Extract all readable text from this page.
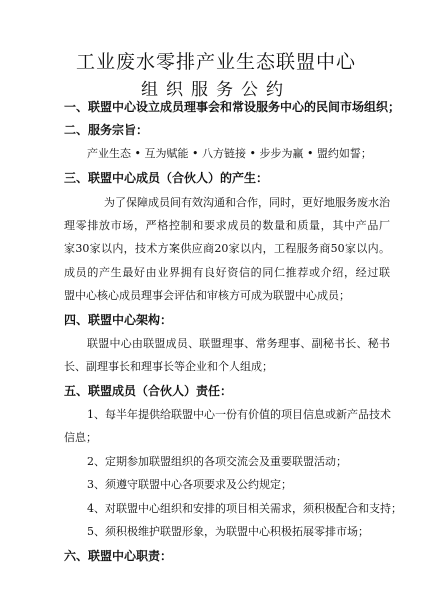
工业废水零排产业生态联盟中心
组织服务公约
一、联盟中心设立成员理事会和常设服务中心的民间市场组织；
二、服务宗旨：
产业生态 • 互为赋能 • 八方链接 • 步步为赢 • 盟约如誓；
三、联盟中心成员（合伙人）的产生：
为了保障成员间有效沟通和合作，同时，更好地服务废水治
理零排放市场，严格控制和要求成员的数量和质量，其中产品厂
家30家以内，技术方案供应商20家以内，工程服务商50家以内。
成员的产生最好由业界拥有良好资信的同仁推荐或介绍，经过联
盟中心核心成员理事会评估和审核方可成为联盟中心成员；
四、联盟中心架构：
联盟中心由联盟成员、联盟理事、常务理事、副秘书长、秘书
长、副理事长和理事长等企业和个人组成；
五、联盟成员（合伙人）责任：
1、每半年提供给联盟中心一份有价值的项目信息或新产品技术
信息；
2、定期参加联盟组织的各项交流会及重要联盟活动；
3、须遵守联盟中心各项要求及公约规定；
4、对联盟中心组织和安排的项目相关需求，须积极配合和支持；
5、须积极维护联盟形象，为联盟中心积极拓展零排市场；
六、联盟中心职责：
